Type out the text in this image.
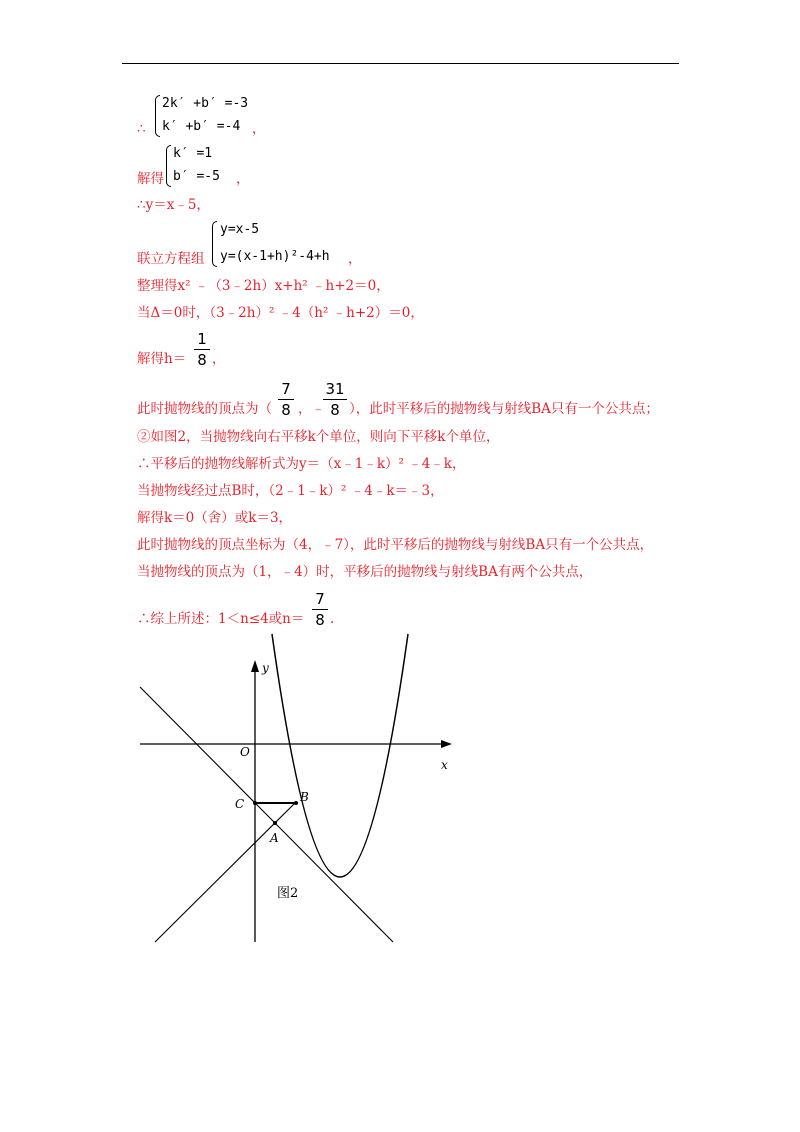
∴
2k′ +b′ =-3
k′ +b′ =-4 ，
解得
k′ =1
b′ =-5 ，
∴y＝x﹣5，
联立方程组
y=x-5
y=(x-1+h)²-4+h ，
整理得x² ﹣（3﹣2h）x+h² ﹣h+2＝0，
当Δ＝0时，（3﹣2h）² ﹣4（h² ﹣h+2）＝0，
解得h＝
1
8 ，
此时抛物线的顶点为（
7
8 ，﹣
31
8 ），此时平移后的抛物线与射线BA只有一个公共点；
②如图2，当抛物线向右平移k个单位，则向下平移k个单位，
∴平移后的抛物线解析式为y＝（x﹣1﹣k）² ﹣4﹣k，
当抛物线经过点B时，（2﹣1﹣k）² ﹣4﹣k＝﹣3，
解得k＝0（舍）或k＝3，
此时抛物线的顶点坐标为（4，﹣7），此时平移后的抛物线与射线BA只有一个公共点，
当抛物线的顶点为（1，﹣4）时，平移后的抛物线与射线BA有两个公共点，
∴综上所述：1＜n≤4或n＝
7
8 .
y
x
O
C	B
A
图2
